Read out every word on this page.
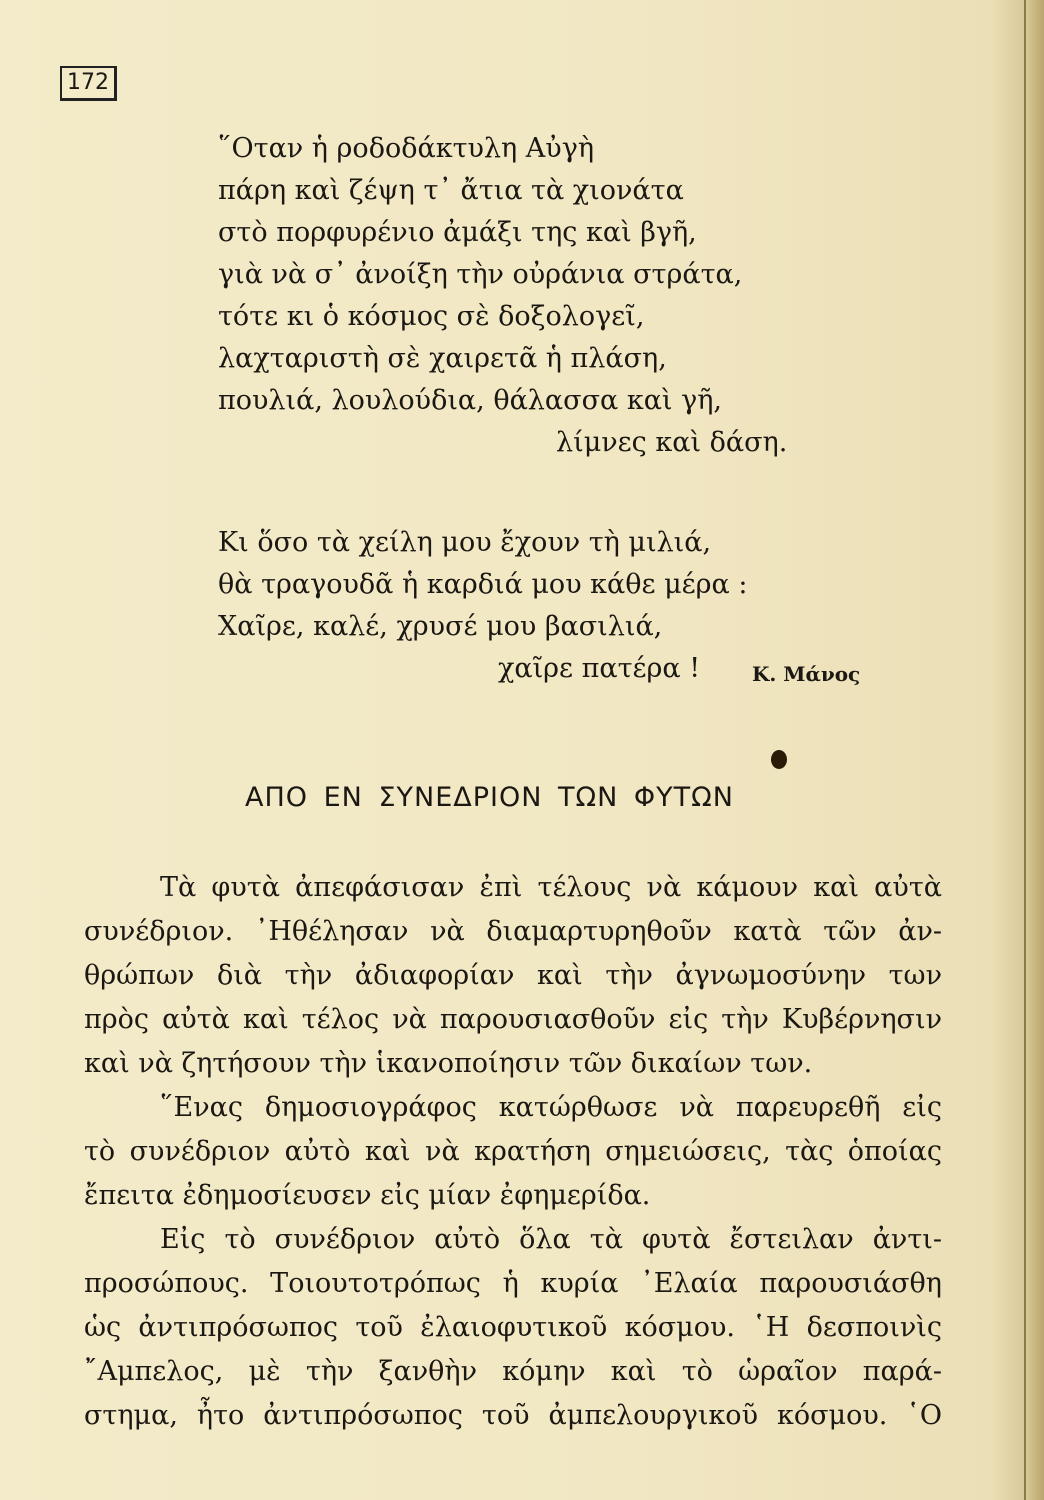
172
῞Οταν ἡ ροδοδάκτυλη Αὐγὴ
πάρη καὶ ζέψη τ᾽ ἄτια τὰ χιονάτα
στὸ πορφυρένιο ἀμάξι της καὶ βγῆ,
γιὰ νὰ σ᾽ ἀνοίξη τὴν οὐράνια στράτα,
τότε κι ὁ κόσμος σὲ δοξολογεῖ,
λαχταριστὴ σὲ χαιρετᾶ ἡ πλάση,
πουλιά, λουλούδια, θάλασσα καὶ γῆ,
λίμνες καὶ δάση.
Κι ὅσο τὰ χείλη μου ἔχουν τὴ μιλιά,
θὰ τραγουδᾶ ἡ καρδιά μου κάθε μέρα :
Χαῖρε, καλέ, χρυσέ μου βασιλιά,
χαῖρε πατέρα !	Κ. Μάνος
ΑΠΟ ΕΝ ΣΥΝΕΔΡΙΟΝ ΤΩΝ ΦΥΤΩΝ
Τὰ φυτὰ ἀπεφάσισαν ἐπὶ τέλους νὰ κάμουν καὶ αὐτὰ
συνέδριον. ᾿Ηθέλησαν νὰ διαμαρτυρηθοῦν κατὰ τῶν ἀν-
θρώπων διὰ τὴν ἀδιαφορίαν καὶ τὴν ἀγνωμοσύνην των
πρὸς αὐτὰ καὶ τέλος νὰ παρουσιασθοῦν εἰς τὴν Κυβέρνησιν
καὶ νὰ ζητήσουν τὴν ἱκανοποίησιν τῶν δικαίων των.
῞Ενας δημοσιογράφος κατώρθωσε νὰ παρευρεθῆ εἰς
τὸ συνέδριον αὐτὸ καὶ νὰ κρατήση σημειώσεις, τὰς ὁποίας
ἔπειτα ἐδημοσίευσεν εἰς μίαν ἐφημερίδα.
Εἰς τὸ συνέδριον αὐτὸ ὅλα τὰ φυτὰ ἔστειλαν ἀντι-
προσώπους. Τοιουτοτρόπως ἡ κυρία ᾿Ελαία παρουσιάσθη
ὡς ἀντιπρόσωπος τοῦ ἐλαιοφυτικοῦ κόσμου. ῾Η δεσποινὶς
῎Αμπελος, μὲ τὴν ξανθὴν κόμην καὶ τὸ ὡραῖον παρά-
στημα, ἦτο ἀντιπρόσωπος τοῦ ἀμπελουργικοῦ κόσμου. ῾Ο
